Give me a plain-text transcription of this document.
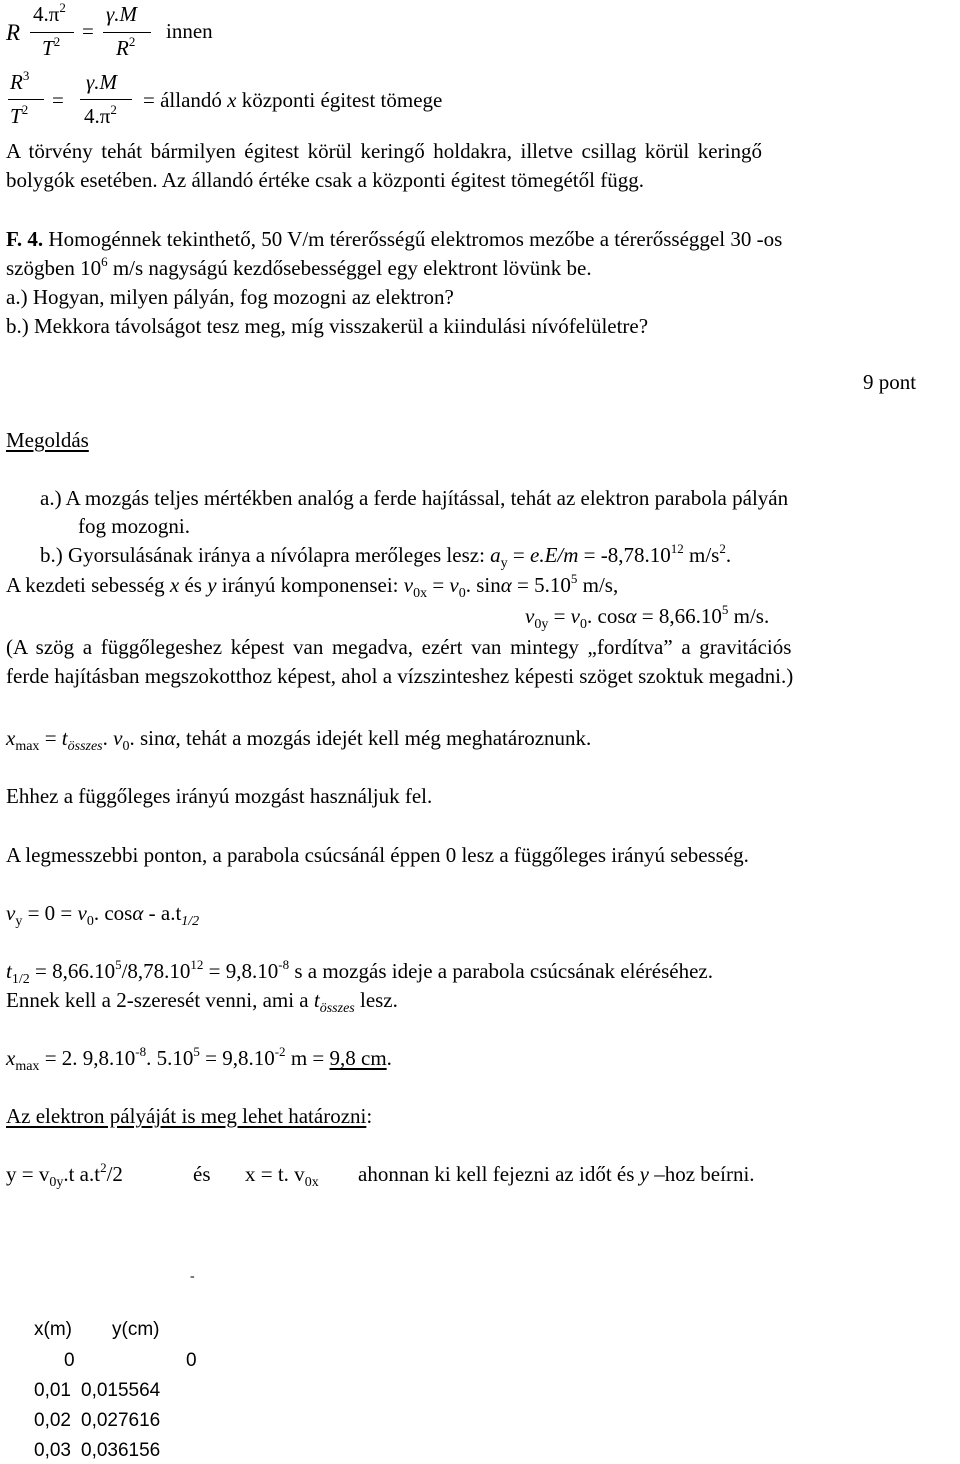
R
$4.\pi^2$
$T^2$ =
γ.M
$R^2$ innen
$R^3$
$T^2$ =
γ.M
$4.\pi^2$ = állandó x központi égitest tömege
A törvény tehát bármilyen égitest körül keringő holdakra, illetve csillag körül keringő
bolygók esetében. Az állandó értéke csak a központi égitest tömegétől függ.
F. 4. Homogénnek tekinthető, 50 V/m térerősségű elektromos mezőbe a térerősséggel 30 -os
szögben $10^6$ m/s nagyságú kezdősebességgel egy elektront lövünk be.
a.) Hogyan, milyen pályán, fog mozogni az elektron?
b.) Mekkora távolságot tesz meg, míg visszakerül a kiindulási nívófelületre?
9 pont
Megoldás
a.) A mozgás teljes mértékben analóg a ferde hajítással, tehát az elektron parabola pályán
fog mozogni.
b.) Gyorsulásának iránya a nívólapra merőleges lesz: $a_y = e.E/m = -8,78.10^{12}$ $m/s^2$.
A kezdeti sebesség x és y irányú komponensei: $v_{0x} = v_0$. $\sin\alpha = 5.10^5$ m/s,
$v_{0y} = v_0$. $\cos\alpha = 8,66.10^5$ m/s.
(A szög a függőlegeshez képest van megadva, ezért van mintegy „fordítva” a gravitációs
ferde hajításban megszokotthoz képest, ahol a vízszinteshez képesti szöget szoktuk megadni.)
$x_{max} = t_{összes}$. $v_0$. sinα, tehát a mozgás idejét kell még meghatároznunk.
Ehhez a függőleges irányú mozgást használjuk fel.
A legmesszebbi ponton, a parabola csúcsánál éppen 0 lesz a függőleges irányú sebesség.
$v_y = 0 = v_0$. cosα - $a.t_{1/2}$
$t_{1/2} = 8,66.10^5/8,78.10^{12} = 9,8.10^{-8}$ s a mozgás ideje a parabola csúcsának eléréséhez.
Ennek kell a 2-szeresét venni, ami a $t_{összes}$ lesz.
$x_{max} = 2$. $9,8.10^{-8}$. $5.10^5 = 9,8.10^{-2}$ m = 9,8 cm.
Az elektron pályáját is meg lehet határozni:
$y = v_{0y}.t$ $a.t^2/2$	és x = t. $v_{0x}$ ahonnan ki kell fejezni az időt és y –hoz beírni.
-
x(m) y(cm)
0	0
0,01 0,015564
0,02 0,027616
0,03 0,036156
